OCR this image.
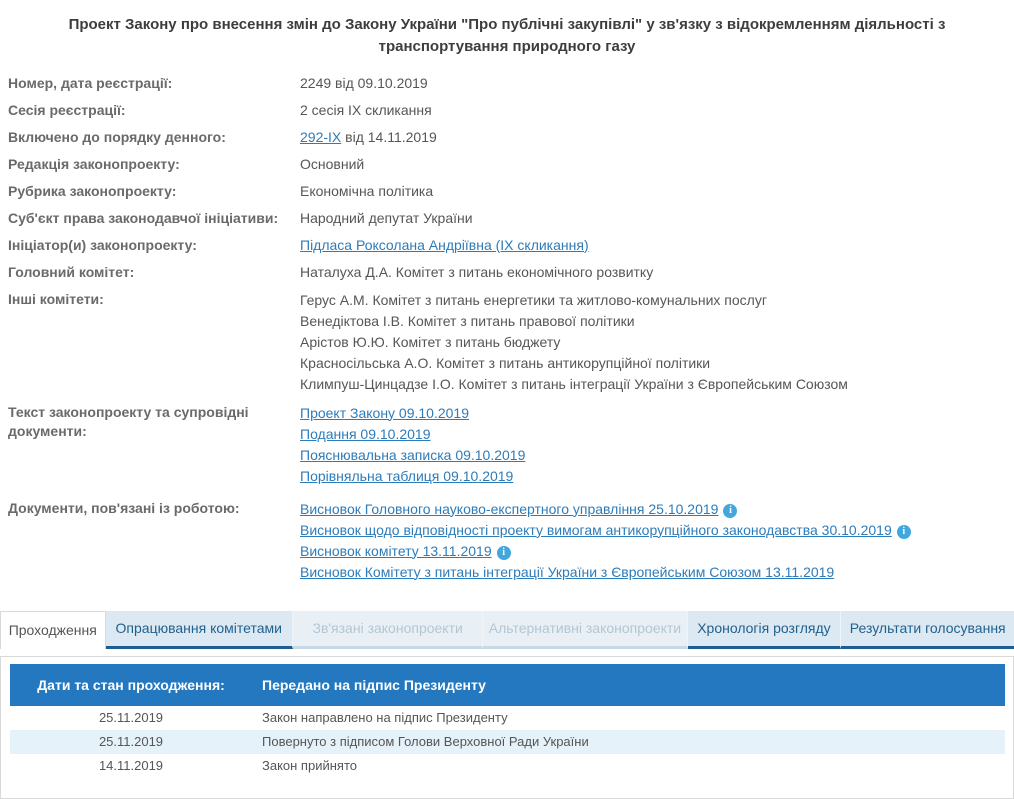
Проект Закону про внесення змін до Закону України "Про публічні закупівлі" у зв'язку з відокремленням діяльності з транспортування природного газу
Номер, дата реєстрації:	2249 від 09.10.2019
Сесія реєстрації:	2 сесія IX скликання
Включено до порядку денного:	292-IX від 14.11.2019
Редакція законопроекту:	Основний
Рубрика законопроекту:	Економічна політика
Суб'єкт права законодавчої ініціативи:	Народний депутат України
Ініціатор(и) законопроекту:	Підласа Роксолана Андріївна (IX скликання)
Головний комітет:	Наталуха Д.А. Комітет з питань економічного розвитку
Інші комітети:	Герус А.М. Комітет з питань енергетики та житлово-комунальних послуг
Венедіктова І.В. Комітет з питань правової політики
Арістов Ю.Ю. Комітет з питань бюджету
Красносільська А.О. Комітет з питань антикорупційної політики
Климпуш-Цинцадзе І.О. Комітет з питань інтеграції України з Європейським Союзом
Текст законопроекту та супровідні документи:
Проект Закону 09.10.2019
Подання 09.10.2019
Пояснювальна записка 09.10.2019
Порівняльна таблиця 09.10.2019
Документи, пов'язані із роботою:	Висновок Головного науково-експертного управління 25.10.2019 i
Висновок щодо відповідності проекту вимогам антикорупційного законодавства 30.10.2019 i
Висновок комітету 13.11.2019 i
Висновок Комітету з питань інтеграції України з Європейським Союзом 13.11.2019
Проходження	Опрацювання комітетами	Зв'язані законопроекти	Альтернативні законопроекти	Хронологія розгляду	Результати голосування
Дати та стан проходження:	Передано на підпис Президенту
25.11.2019	Закон направлено на підпис Президенту
25.11.2019	Повернуто з підписом Голови Верховної Ради України
14.11.2019	Закон прийнято
